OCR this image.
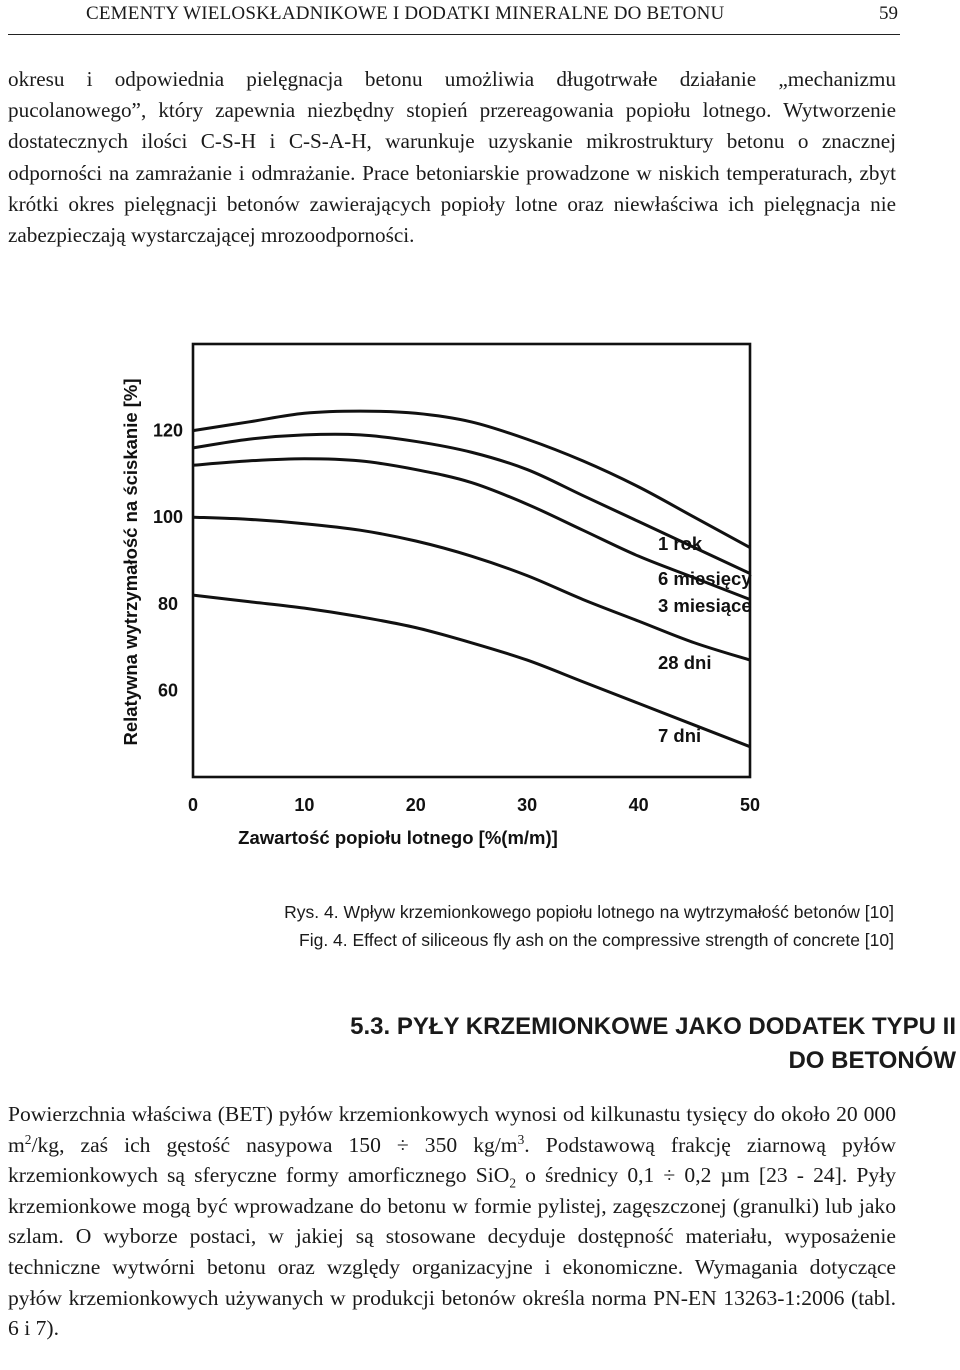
CEMENTY WIELOSKŁADNIKOWE I DODATKI MINERALNE DO BETONU	59

okresu i odpowiednia pielęgnacja betonu umożliwia długotrwałe działanie „mechanizmu pucolanowego”, który zapewnia niezbędny stopień przereagowania popiołu lotnego. Wytworzenie dostatecznych ilości C-S-H i C-S-A-H, warunkuje uzyskanie mikrostruktury betonu o znacznej odporności na zamrażanie i odmrażanie. Prace betoniarskie prowadzone w niskich temperaturach, zbyt krótki okres pielęgnacji betonów zawierających popioły lotne oraz niewłaściwa ich pielęgnacja nie zabezpieczają wystarczającej mrozoodporności.

60
80
100
120
0	10	20	30	40	50
1 rok
6 miesięcy
3 miesiące
28 dni
7 dni
Relatywna wytrzymałość na ściskanie [%]
Zawartość popiołu lotnego [%(m/m)]
Rys. 4. Wpływ krzemionkowego popiołu lotnego na wytrzymałość betonów [10]
Fig. 4. Effect of siliceous fly ash on the compressive strength of concrete [10]
5.3. PYŁY KRZEMIONKOWE JAKO DODATEK TYPU II
DO BETONÓW

Powierzchnia właściwa (BET) pyłów krzemionkowych wynosi od kilkunastu tysięcy do około 20 000 $m^2/kg$, zaś ich gęstość nasypowa 150 ÷ 350 $kg/m^3$. Podstawową frakcję ziarnową pyłów krzemionkowych są sferyczne formy amorficznego SiO$_2$ o średnicy 0,1 ÷ 0,2 µm [23 - 24]. Pyły krzemionkowe mogą być wprowadzane do betonu w formie pylistej, zagęszczonej (granulki) lub jako szlam. O wyborze postaci, w jakiej są stosowane decyduje dostępność materiału, wyposażenie techniczne wytwórni betonu oraz względy organizacyjne i ekonomiczne. Wymagania dotyczące pyłów krzemionkowych używanych w produkcji betonów określa norma PN-EN 13263-1:2006 (tabl. 6 i 7).
